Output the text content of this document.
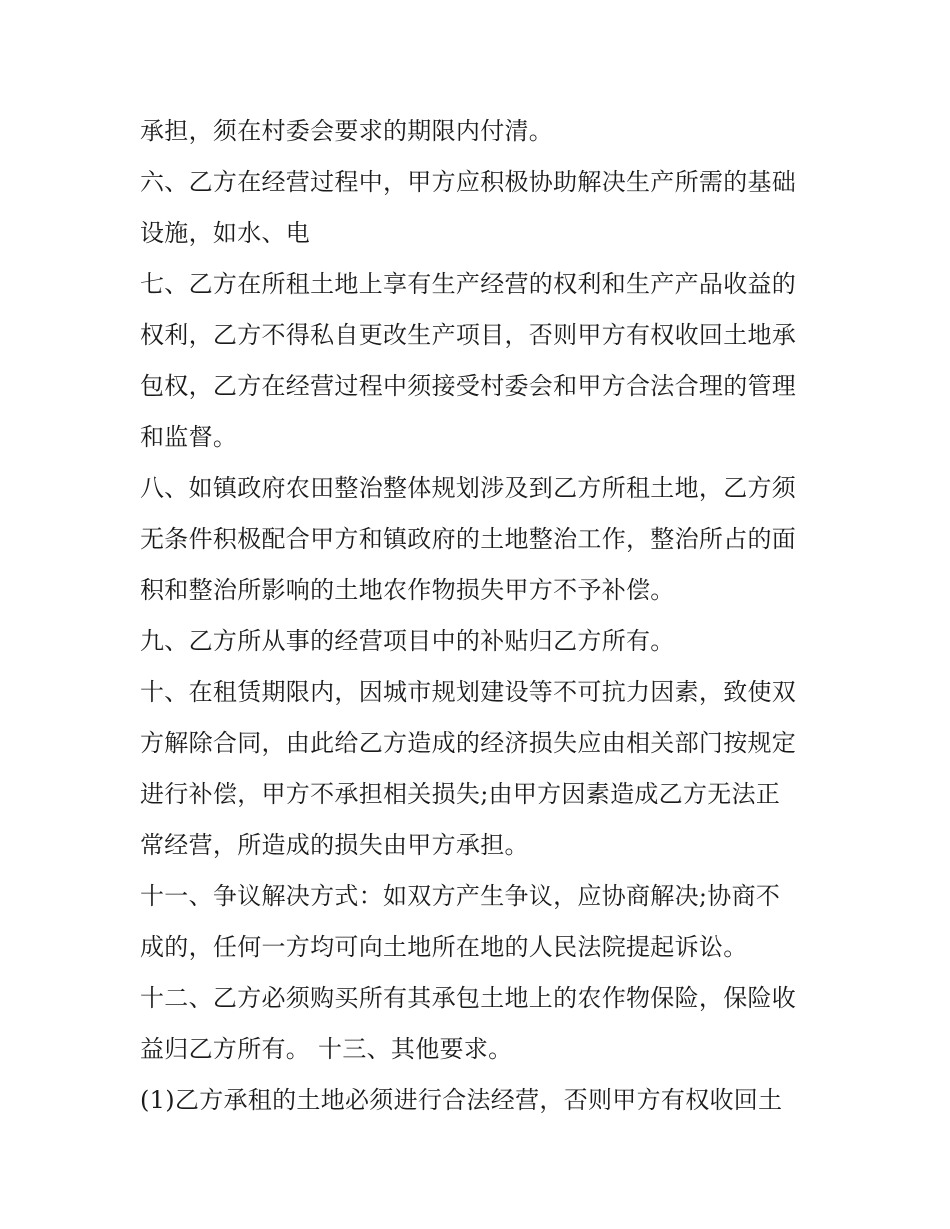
承担，须在村委会要求的期限内付清。
六、乙方在经营过程中，甲方应积极协助解决生产所需的基础
设施，如水、电
七、乙方在所租土地上享有生产经营的权利和生产产品收益的
权利，乙方不得私自更改生产项目，否则甲方有权收回土地承
包权，乙方在经营过程中须接受村委会和甲方合法合理的管理
和监督。
八、如镇政府农田整治整体规划涉及到乙方所租土地，乙方须
无条件积极配合甲方和镇政府的土地整治工作，整治所占的面
积和整治所影响的土地农作物损失甲方不予补偿。
九、乙方所从事的经营项目中的补贴归乙方所有。
十、在租赁期限内，因城市规划建设等不可抗力因素，致使双
方解除合同，由此给乙方造成的经济损失应由相关部门按规定
进行补偿，甲方不承担相关损失;由甲方因素造成乙方无法正
常经营，所造成的损失由甲方承担。
十一、争议解决方式：如双方产生争议，应协商解决;协商不
成的，任何一方均可向土地所在地的人民法院提起诉讼。
十二、乙方必须购买所有其承包土地上的农作物保险，保险收
益归乙方所有。 十三、其他要求。
(1)乙方承租的土地必须进行合法经营，否则甲方有权收回土
